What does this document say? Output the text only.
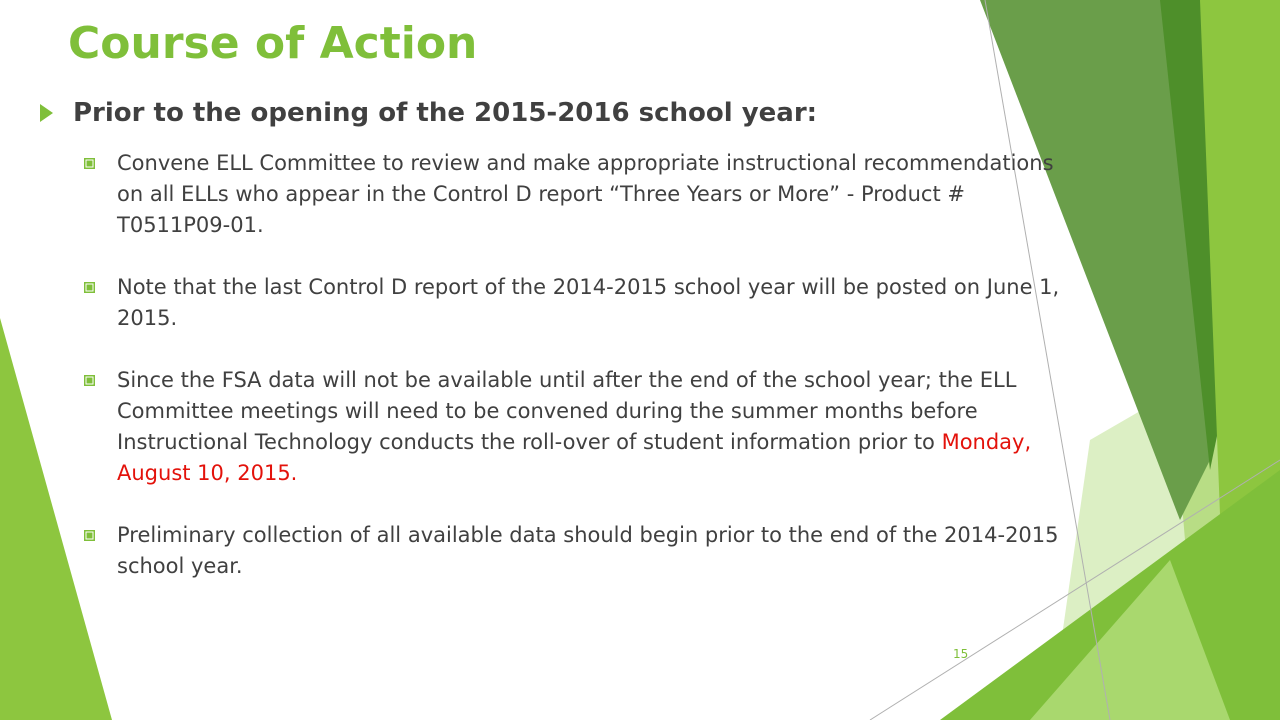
Course of Action
Prior to the opening of the 2015-2016 school year:
Convene ELL Committee to review and make appropriate instructional recommendations on all ELLs who appear in the Control D report “Three Years or More” - Product # T0511P09-01.
Note that the last Control D report of the 2014-2015 school year will be posted on June 1, 2015.
Since the FSA data will not be available until after the end of the school year; the ELL Committee meetings will need to be convened during the summer months before Instructional Technology conducts the roll-over of student information prior to Monday, August 10, 2015.
Preliminary collection of all available data should begin prior to the end of the 2014-2015 school year.
15
